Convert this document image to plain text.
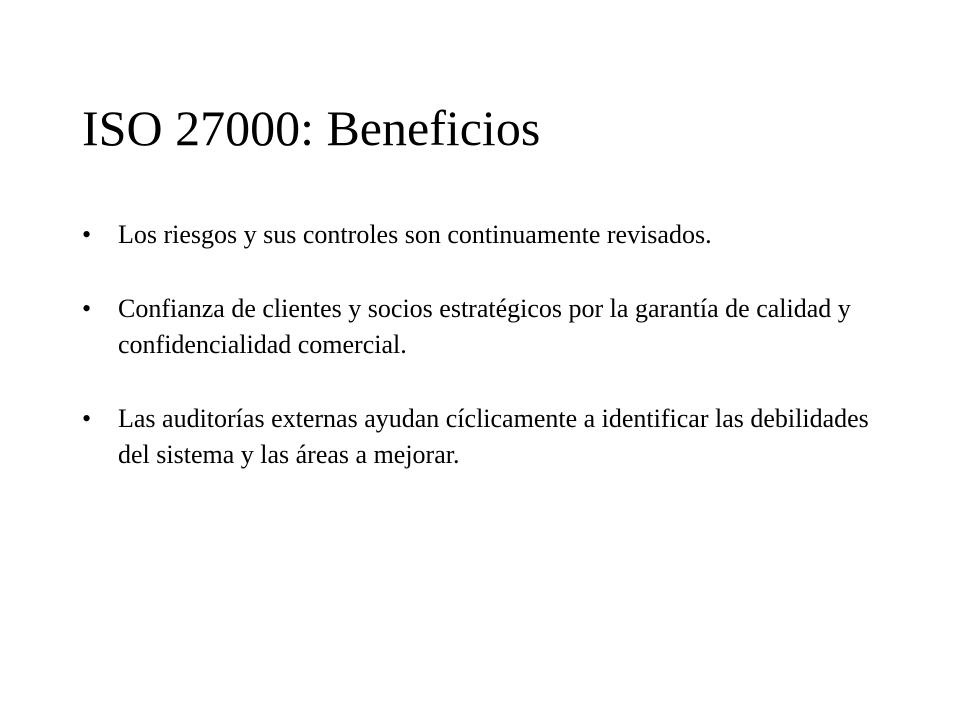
ISO 27000: Beneficios
•	Los riesgos y sus controles son continuamente revisados.
•	Confianza de clientes y socios estratégicos por la garantía de calidad y confidencialidad comercial.
•	Las auditorías externas ayudan cíclicamente a identificar las debilidades del sistema y las áreas a mejorar.
